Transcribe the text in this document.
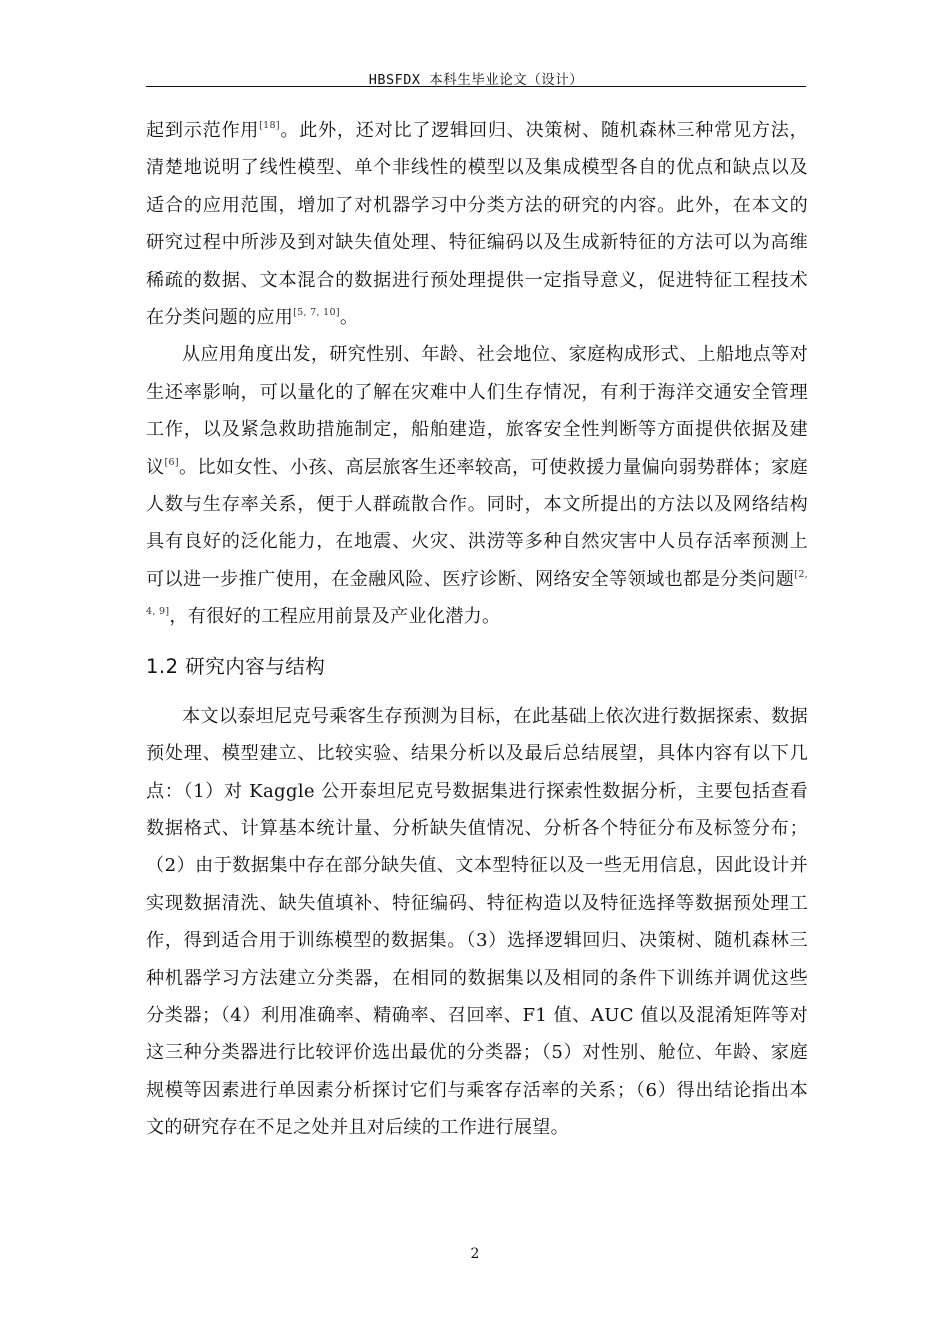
HBSFDX 本科生毕业论文（设计）

起到示范作用[18]。此外，还对比了逻辑回归、决策树、随机森林三种常见方法，清楚地说明了线性模型、单个非线性的模型以及集成模型各自的优点和缺点以及适合的应用范围，增加了对机器学习中分类方法的研究的内容。此外，在本文的研究过程中所涉及到对缺失值处理、特征编码以及生成新特征的方法可以为高维稀疏的数据、文本混合的数据进行预处理提供一定指导意义，促进特征工程技术在分类问题的应用[5, 7, 10]。

从应用角度出发，研究性别、年龄、社会地位、家庭构成形式、上船地点等对生还率影响，可以量化的了解在灾难中人们生存情况，有利于海洋交通安全管理工作，以及紧急救助措施制定，船舶建造，旅客安全性判断等方面提供依据及建议[6]。比如女性、小孩、高层旅客生还率较高，可使救援力量偏向弱势群体；家庭人数与生存率关系，便于人群疏散合作。同时，本文所提出的方法以及网络结构具有良好的泛化能力，在地震、火灾、洪涝等多种自然灾害中人员存活率预测上可以进一步推广使用，在金融风险、医疗诊断、网络安全等领域也都是分类问题[2, 4, 9]，有很好的工程应用前景及产业化潜力。

1.2 研究内容与结构

本文以泰坦尼克号乘客生存预测为目标，在此基础上依次进行数据探索、数据预处理、模型建立、比较实验、结果分析以及最后总结展望，具体内容有以下几点：（1）对 Kaggle 公开泰坦尼克号数据集进行探索性数据分析，主要包括查看数据格式、计算基本统计量、分析缺失值情况、分析各个特征分布及标签分布；（2）由于数据集中存在部分缺失值、文本型特征以及一些无用信息，因此设计并实现数据清洗、缺失值填补、特征编码、特征构造以及特征选择等数据预处理工作，得到适合用于训练模型的数据集。（3）选择逻辑回归、决策树、随机森林三种机器学习方法建立分类器，在相同的数据集以及相同的条件下训练并调优这些分类器；（4）利用准确率、精确率、召回率、F1 值、AUC 值以及混淆矩阵等对这三种分类器进行比较评价选出最优的分类器；（5）对性别、舱位、年龄、家庭规模等因素进行单因素分析探讨它们与乘客存活率的关系；（6）得出结论指出本文的研究存在不足之处并且对后续的工作进行展望。

2
